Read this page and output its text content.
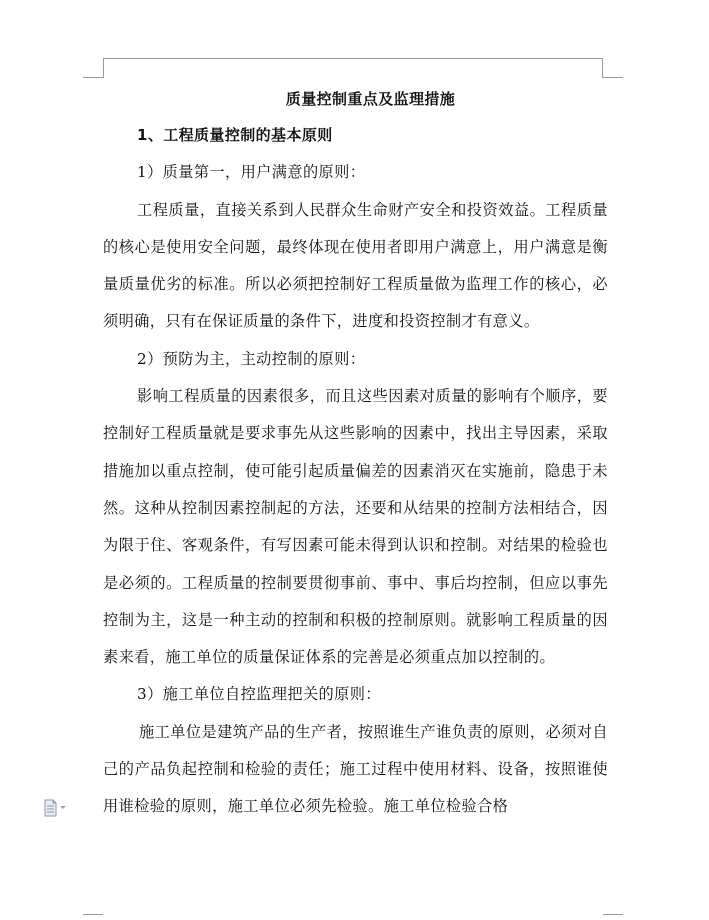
质量控制重点及监理措施

1、工程质量控制的基本原则

1）质量第一，用户满意的原则：

工程质量，直接关系到人民群众生命财产安全和投资效益。工程质量的核心是使用安全问题，最终体现在使用者即用户满意上，用户满意是衡量质量优劣的标准。所以必须把控制好工程质量做为监理工作的核心，必须明确，只有在保证质量的条件下，进度和投资控制才有意义。

2）预防为主，主动控制的原则：

影响工程质量的因素很多，而且这些因素对质量的影响有个顺序，要控制好工程质量就是要求事先从这些影响的因素中，找出主导因素，采取措施加以重点控制，使可能引起质量偏差的因素消灭在实施前，隐患于未然。这种从控制因素控制起的方法，还要和从结果的控制方法相结合，因为限于住、客观条件，有写因素可能未得到认识和控制。对结果的检验也是必须的。工程质量的控制要贯彻事前、事中、事后均控制，但应以事先控制为主，这是一种主动的控制和积极的控制原则。就影响工程质量的因素来看，施工单位的质量保证体系的完善是必须重点加以控制的。

3）施工单位自控监理把关的原则：

施工单位是建筑产品的生产者，按照谁生产谁负责的原则，必须对自己的产品负起控制和检验的责任；施工过程中使用材料、设备，按照谁使用谁检验的原则，施工单位必须先检验。施工单位检验合格
